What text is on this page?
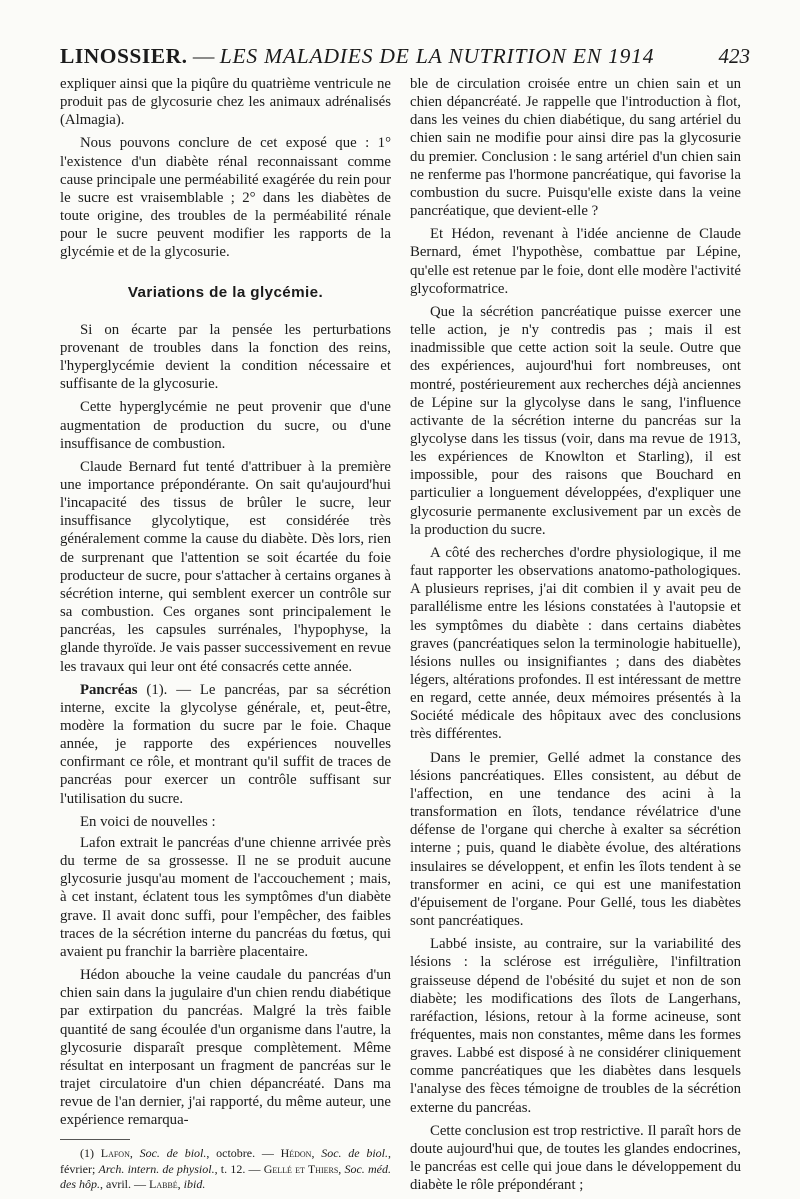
LINOSSIER.
—
LES MALADIES DE LA NUTRITION EN 1914	423

expliquer ainsi que la piqûre du quatrième ventricule ne produit pas de glycosurie chez les animaux adrénalisés (Almagia).

Nous pouvons conclure de cet exposé que : 1° l'existence d'un diabète rénal reconnaissant comme cause principale une perméabilité exagérée du rein pour le sucre est vraisemblable ; 2° dans les diabètes de toute origine, des troubles de la perméabilité rénale pour le sucre peuvent modifier les rapports de la glycémie et de la glycosurie.

Variations de la glycémie.

Si on écarte par la pensée les perturbations provenant de troubles dans la fonction des reins, l'hyperglycémie devient la condition nécessaire et suffisante de la glycosurie.

Cette hyperglycémie ne peut provenir que d'une augmentation de production du sucre, ou d'une insuffisance de combustion.

Claude Bernard fut tenté d'attribuer à la première une importance prépondérante. On sait qu'aujourd'hui l'incapacité des tissus de brûler le sucre, leur insuffisance glycolytique, est considérée très généralement comme la cause du diabète. Dès lors, rien de surprenant que l'attention se soit écartée du foie producteur de sucre, pour s'attacher à certains organes à sécrétion interne, qui semblent exercer un contrôle sur sa combustion. Ces organes sont principalement le pancréas, les capsules surrénales, l'hypophyse, la glande thyroïde. Je vais passer successivement en revue les travaux qui leur ont été consacrés cette année.

Pancréas (1). — Le pancréas, par sa sécrétion interne, excite la glycolyse générale, et, peut-être, modère la formation du sucre par le foie. Chaque année, je rapporte des expériences nouvelles confirmant ce rôle, et montrant qu'il suffit de traces de pancréas pour exercer un contrôle suffisant sur l'utilisation du sucre.

En voici de nouvelles :

Lafon extrait le pancréas d'une chienne arrivée près du terme de sa grossesse. Il ne se produit aucune glycosurie jusqu'au moment de l'accouchement ; mais, à cet instant, éclatent tous les symptômes d'un diabète grave. Il avait donc suffi, pour l'empêcher, des faibles traces de la sécrétion interne du pancréas du fœtus, qui avaient pu franchir la barrière placentaire.

Hédon abouche la veine caudale du pancréas d'un chien sain dans la jugulaire d'un chien rendu diabétique par extirpation du pancréas. Malgré la très faible quantité de sang écoulée d'un organisme dans l'autre, la glycosurie disparaît presque complètement. Même résultat en interposant un fragment de pancréas sur le trajet circulatoire d'un chien dépancréaté. Dans ma revue de l'an dernier, j'ai rapporté, du même auteur, une expérience remarqua-

(1) Lafon, Soc. de biol., octobre. — Hédon, Soc. de biol., février; Arch. intern. de physiol., t. 12. — Gellé et Thiers, Soc. méd. des hôp., avril. — Labbé, ibid.

ble de circulation croisée entre un chien sain et un chien dépancréaté. Je rappelle que l'introduction à flot, dans les veines du chien diabétique, du sang artériel du chien sain ne modifie pour ainsi dire pas la glycosurie du premier. Conclusion : le sang artériel d'un chien sain ne renferme pas l'hormone pancréatique, qui favorise la combustion du sucre. Puisqu'elle existe dans la veine pancréatique, que devient-elle ?

Et Hédon, revenant à l'idée ancienne de Claude Bernard, émet l'hypothèse, combattue par Lépine, qu'elle est retenue par le foie, dont elle modère l'activité glycoformatrice.

Que la sécrétion pancréatique puisse exercer une telle action, je n'y contredis pas ; mais il est inadmissible que cette action soit la seule. Outre que des expériences, aujourd'hui fort nombreuses, ont montré, postérieurement aux recherches déjà anciennes de Lépine sur la glycolyse dans le sang, l'influence activante de la sécrétion interne du pancréas sur la glycolyse dans les tissus (voir, dans ma revue de 1913, les expériences de Knowlton et Starling), il est impossible, pour des raisons que Bouchard en particulier a longuement développées, d'expliquer une glycosurie permanente exclusivement par un excès de la production du sucre.

A côté des recherches d'ordre physiologique, il me faut rapporter les observations anatomo-pathologiques. A plusieurs reprises, j'ai dit combien il y avait peu de parallélisme entre les lésions constatées à l'autopsie et les symptômes du diabète : dans certains diabètes graves (pancréatiques selon la terminologie habituelle), lésions nulles ou insignifiantes ; dans des diabètes légers, altérations profondes. Il est intéressant de mettre en regard, cette année, deux mémoires présentés à la Société médicale des hôpitaux avec des conclusions très différentes.

Dans le premier, Gellé admet la constance des lésions pancréatiques. Elles consistent, au début de l'affection, en une tendance des acini à la transformation en îlots, tendance révélatrice d'une défense de l'organe qui cherche à exalter sa sécrétion interne ; puis, quand le diabète évolue, des altérations insulaires se développent, et enfin les îlots tendent à se transformer en acini, ce qui est une manifestation d'épuisement de l'organe. Pour Gellé, tous les diabètes sont pancréatiques.

Labbé insiste, au contraire, sur la variabilité des lésions : la sclérose est irrégulière, l'infiltration graisseuse dépend de l'obésité du sujet et non de son diabète; les modifications des îlots de Langerhans, raréfaction, lésions, retour à la forme acineuse, sont fréquentes, mais non constantes, même dans les formes graves. Labbé est disposé à ne considérer cliniquement comme pancréatiques que les diabètes dans lesquels l'analyse des fèces témoigne de troubles de la sécrétion externe du pancréas.

Cette conclusion est trop restrictive. Il paraît hors de doute aujourd'hui que, de toutes les glandes endocrines, le pancréas est celle qui joue dans le développement du diabète le rôle prépondérant ;
